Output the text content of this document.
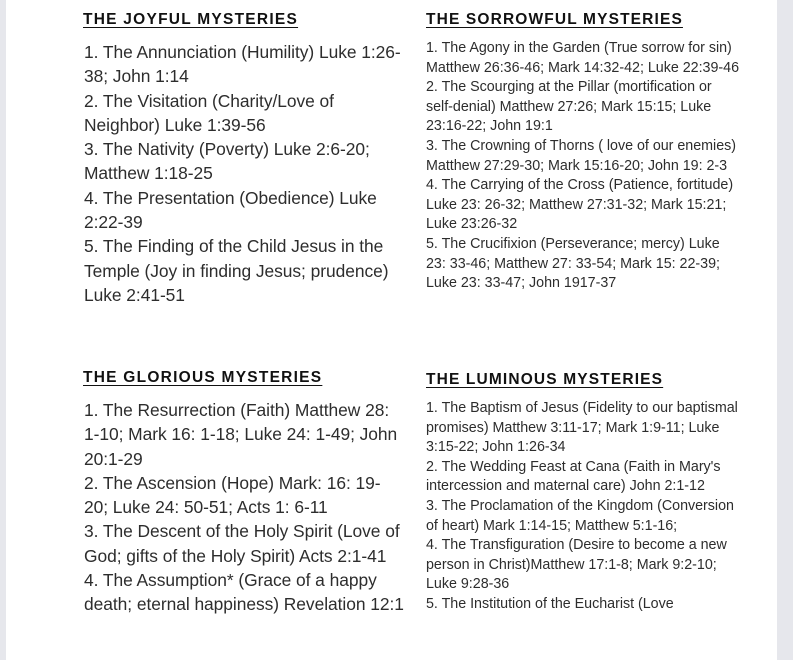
THE JOYFUL MYSTERIES

1. The Annunciation (Humility) Luke 1:26-38; John 1:14

2. The Visitation (Charity/Love of Neighbor) Luke 1:39-56

3. The Nativity (Poverty) Luke 2:6-20; Matthew 1:18-25

4. The Presentation (Obedience) Luke 2:22-39

5. The Finding of the Child Jesus in the Temple (Joy in finding Jesus; prudence) Luke 2:41-51

THE SORROWFUL MYSTERIES

1. The Agony in the Garden (True sorrow for sin) Matthew 26:36-46; Mark 14:32-42; Luke 22:39-46

2. The Scourging at the Pillar (mortification or self-denial) Matthew 27:26; Mark 15:15; Luke 23:16-22; John 19:1

3. The Crowning of Thorns ( love of our enemies) Matthew 27:29-30; Mark 15:16-20; John 19: 2-3

4. The Carrying of the Cross (Patience, fortitude) Luke 23: 26-32; Matthew 27:31-32; Mark 15:21; Luke 23:26-32

5. The Crucifixion (Perseverance; mercy) Luke 23: 33-46; Matthew 27: 33-54; Mark 15: 22-39; Luke 23: 33-47; John 1917-37

THE GLORIOUS MYSTERIES

1. The Resurrection (Faith) Matthew 28: 1-10; Mark 16: 1-18; Luke 24: 1-49; John 20:1-29

2. The Ascension (Hope) Mark: 16: 19-20; Luke 24: 50-51; Acts 1: 6-11

3. The Descent of the Holy Spirit (Love of God; gifts of the Holy Spirit) Acts 2:1-41

4. The Assumption* (Grace of a happy death; eternal happiness) Revelation 12:1

THE LUMINOUS MYSTERIES

1. The Baptism of Jesus (Fidelity to our baptismal promises) Matthew 3:11-17; Mark 1:9-11; Luke 3:15-22; John 1:26-34

2. The Wedding Feast at Cana (Faith in Mary's intercession and maternal care) John 2:1-12

3. The Proclamation of the Kingdom (Conversion of heart) Mark 1:14-15; Matthew 5:1-16;

4. The Transfiguration (Desire to become a new person in Christ)Matthew 17:1-8; Mark 9:2-10; Luke 9:28-36

5. The Institution of the Eucharist (Love
